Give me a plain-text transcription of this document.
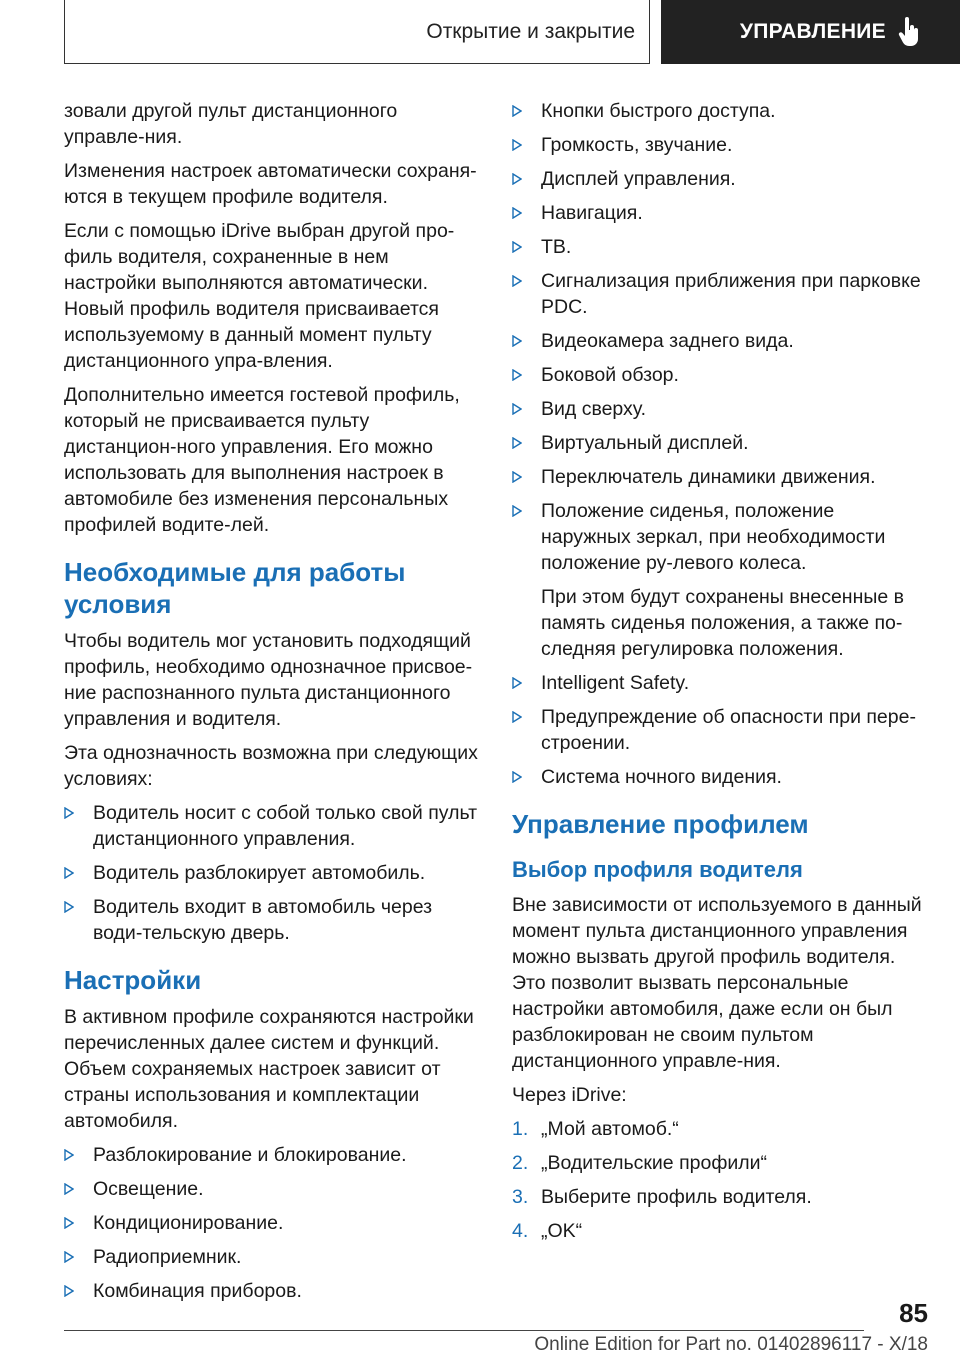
Открытие и закрытие	УПРАВЛЕНИЕ

зовали другой пульт дистанционного управле-ния.

Изменения настроек автоматически сохраня-ются в текущем профиле водителя.

Если с помощью iDrive выбран другой про-филь водителя, сохраненные в нем настройки выполняются автоматически. Новый профиль водителя присваивается используемому в данный момент пульту дистанционного упра-вления.

Дополнительно имеется гостевой профиль, который не присваивается пульту дистанцион-ного управления. Его можно использовать для выполнения настроек в автомобиле без изменения персональных профилей водите-лей.

Необходимые для работы условия

Чтобы водитель мог установить подходящий профиль, необходимо однозначное присвое-ние распознанного пульта дистанционного управления и водителя.

Эта однозначность возможна при следующих условиях:

Водитель носит с собой только свой пульт дистанционного управления.
Водитель разблокирует автомобиль.
Водитель входит в автомобиль через води-тельскую дверь.
Настройки

В активном профиле сохраняются настройки перечисленных далее систем и функций. Объем сохраняемых настроек зависит от страны использования и комплектации автомобиля.

Разблокирование и блокирование.
Освещение.
Кондиционирование.
Радиоприемник.
Комбинация приборов.
Кнопки быстрого доступа.
Громкость, звучание.
Дисплей управления.
Навигация.
ТВ.
Сигнализация приближения при парковке PDC.
Видеокамера заднего вида.
Боковой обзор.
Вид сверху.
Виртуальный дисплей.
Переключатель динамики движения.
Положение сиденья, положение наружных зеркал, при необходимости положение ру-левого колеса.

При этом будут сохранены внесенные в память сиденья положения, а также по-следняя регулировка положения.

Intelligent Safety.
Предупреждение об опасности при пере-строении.
Система ночного видения.
Управление профилем
Выбор профиля водителя

Вне зависимости от используемого в данный момент пульта дистанционного управления можно вызвать другой профиль водителя. Это позволит вызвать персональные настройки автомобиля, даже если он был разблокирован не своим пультом дистанционного управле-ния.

Через iDrive:

1. „Мой автомоб.“
2. „Водительские профили“
3. Выберите профиль водителя.
4. „OK“
85
Online Edition for Part no. 01402896117 - X/18
